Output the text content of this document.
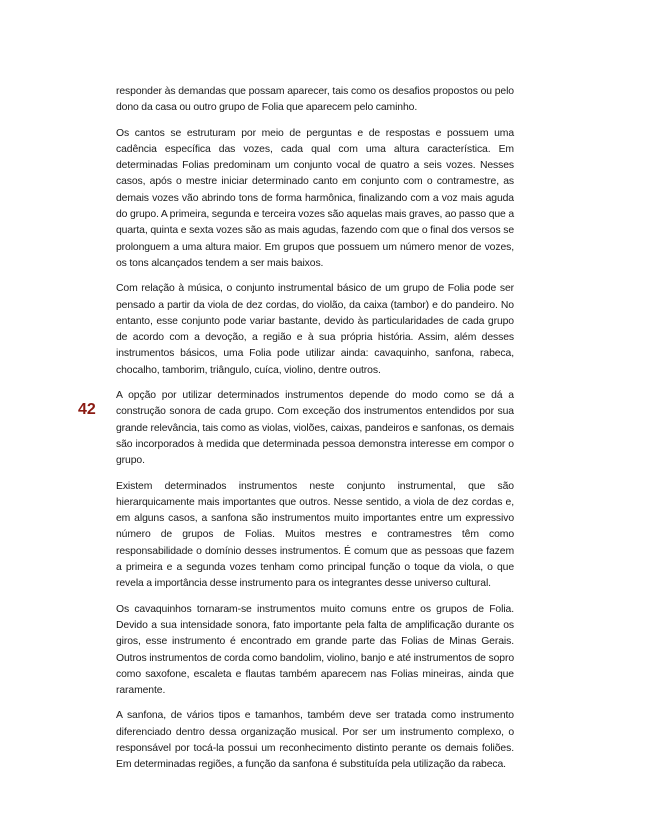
42

responder às demandas que possam aparecer, tais como os desafios propostos ou pelo dono da casa ou outro grupo de Folia que aparecem pelo caminho.

Os cantos se estruturam por meio de perguntas e de respostas e possuem uma cadência específica das vozes, cada qual com uma altura característica. Em determinadas Folias predominam um conjunto vocal de quatro a seis vozes. Nesses casos, após o mestre iniciar determinado canto em conjunto com o contramestre, as demais vozes vão abrindo tons de forma harmônica, finalizando com a voz mais aguda do grupo. A primeira, segunda e terceira vozes são aquelas mais graves, ao passo que a quarta, quinta e sexta vozes são as mais agudas, fazendo com que o final dos versos se prolonguem a uma altura maior. Em grupos que possuem um número menor de vozes, os tons alcançados tendem a ser mais baixos.

Com relação à música, o conjunto instrumental básico de um grupo de Folia pode ser pensado a partir da viola de dez cordas, do violão, da caixa (tambor) e do pandeiro. No entanto, esse conjunto pode variar bastante, devido às particularidades de cada grupo de acordo com a devoção, a região e à sua própria história. Assim, além desses instrumentos básicos, uma Folia pode utilizar ainda: cavaquinho, sanfona, rabeca, chocalho, tamborim, triângulo, cuíca, violino, dentre outros.

A opção por utilizar determinados instrumentos depende do modo como se dá a construção sonora de cada grupo. Com exceção dos instrumentos entendidos por sua grande relevância, tais como as violas, violões, caixas, pandeiros e sanfonas, os demais são incorporados à medida que determinada pessoa demonstra interesse em compor o grupo.

Existem determinados instrumentos neste conjunto instrumental, que são hierarquicamente mais importantes que outros. Nesse sentido, a viola de dez cordas e, em alguns casos, a sanfona são instrumentos muito importantes entre um expressivo número de grupos de Folias. Muitos mestres e contramestres têm como responsabilidade o domínio desses instrumentos. É comum que as pessoas que fazem a primeira e a segunda vozes tenham como principal função o toque da viola, o que revela a importância desse instrumento para os integrantes desse universo cultural.

Os cavaquinhos tornaram-se instrumentos muito comuns entre os grupos de Folia. Devido a sua intensidade sonora, fato importante pela falta de amplificação durante os giros, esse instrumento é encontrado em grande parte das Folias de Minas Gerais. Outros instrumentos de corda como bandolim, violino, banjo e até instrumentos de sopro como saxofone, escaleta e flautas também aparecem nas Folias mineiras, ainda que raramente.

A sanfona, de vários tipos e tamanhos, também deve ser tratada como instrumento diferenciado dentro dessa organização musical. Por ser um instrumento complexo, o responsável por tocá-la possui um reconhecimento distinto perante os demais foliões. Em determinadas regiões, a função da sanfona é substituída pela utilização da rabeca.
